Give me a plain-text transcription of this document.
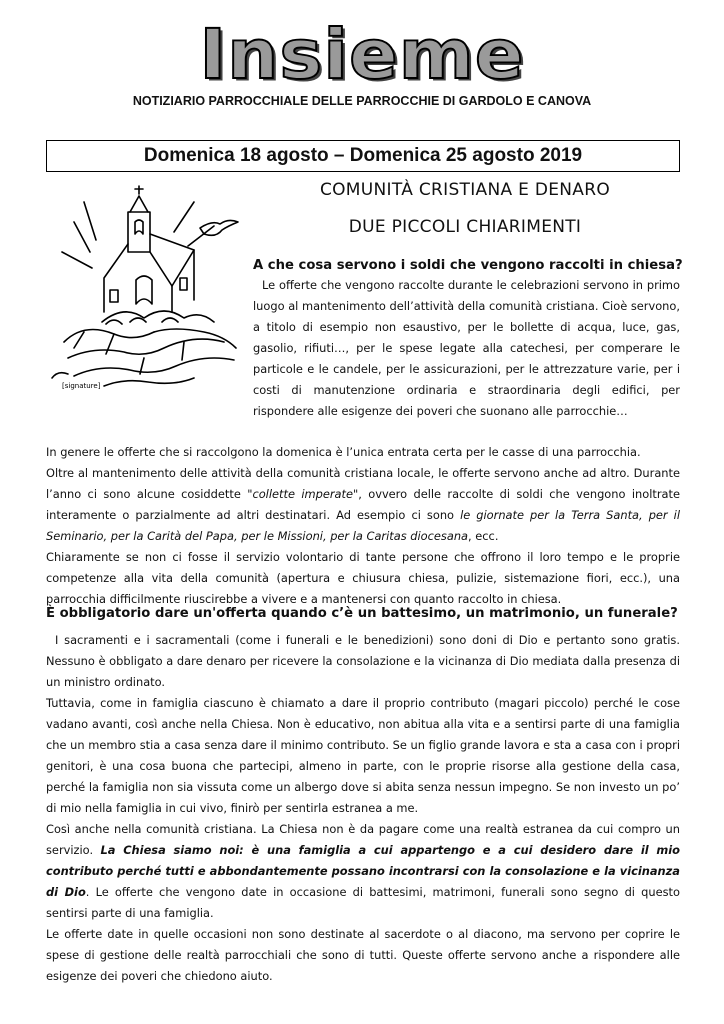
Insieme
NOTIZIARIO PARROCCHIALE DELLE PARROCCHIE DI GARDOLO E CANOVA
Domenica 18 agosto – Domenica 25 agosto 2019
[signature]
COMUNITÀ CRISTIANA E DENARO
DUE PICCOLI CHIARIMENTI
A che cosa servono i soldi che vengono raccolti in chiesa?

Le offerte che vengono raccolte durante le celebrazioni servono in primo luogo al mantenimento dell’attività della comunità cristiana. Cioè servono, a titolo di esempio non esaustivo, per le bollette di acqua, luce, gas, gasolio, rifiuti…, per le spese legate alla catechesi, per comperare le particole e le candele, per le assicurazioni, per le attrezzature varie, per i costi di manutenzione ordinaria e straordinaria degli edifici, per rispondere alle esigenze dei poveri che suonano alle parrocchie…

In genere le offerte che si raccolgono la domenica è l’unica entrata certa per le casse di una parrocchia.

Oltre al mantenimento delle attività della comunità cristiana locale, le offerte servono anche ad altro. Durante l’anno ci sono alcune cosiddette "collette imperate", ovvero delle raccolte di soldi che vengono inoltrate interamente o parzialmente ad altri destinatari. Ad esempio ci sono le giornate per la Terra Santa, per il Seminario, per la Carità del Papa, per le Missioni, per la Caritas diocesana, ecc.

Chiaramente se non ci fosse il servizio volontario di tante persone che offrono il loro tempo e le proprie competenze alla vita della comunità (apertura e chiusura chiesa, pulizie, sistemazione fiori, ecc.), una parrocchia difficilmente riuscirebbe a vivere e a mantenersi con quanto raccolto in chiesa.

È obbligatorio dare un'offerta quando c’è un battesimo, un matrimonio, un funerale?

I sacramenti e i sacramentali (come i funerali e le benedizioni) sono doni di Dio e pertanto sono gratis. Nessuno è obbligato a dare denaro per ricevere la consolazione e la vicinanza di Dio mediata dalla presenza di un ministro ordinato.

Tuttavia, come in famiglia ciascuno è chiamato a dare il proprio contributo (magari piccolo) perché le cose vadano avanti, così anche nella Chiesa. Non è educativo, non abitua alla vita e a sentirsi parte di una famiglia che un membro stia a casa senza dare il minimo contributo. Se un figlio grande lavora e sta a casa con i propri genitori, è una cosa buona che partecipi, almeno in parte, con le proprie risorse alla gestione della casa, perché la famiglia non sia vissuta come un albergo dove si abita senza nessun impegno. Se non investo un po’ di mio nella famiglia in cui vivo, finirò per sentirla estranea a me.

Così anche nella comunità cristiana. La Chiesa non è da pagare come una realtà estranea da cui compro un servizio. La Chiesa siamo noi: è una famiglia a cui appartengo e a cui desidero dare il mio contributo perché tutti e abbondantemente possano incontrarsi con la consolazione e la vicinanza di Dio. Le offerte che vengono date in occasione di battesimi, matrimoni, funerali sono segno di questo sentirsi parte di una famiglia.

Le offerte date in quelle occasioni non sono destinate al sacerdote o al diacono, ma servono per coprire le spese di gestione delle realtà parrocchiali che sono di tutti. Queste offerte servono anche a rispondere alle esigenze dei poveri che chiedono aiuto.
